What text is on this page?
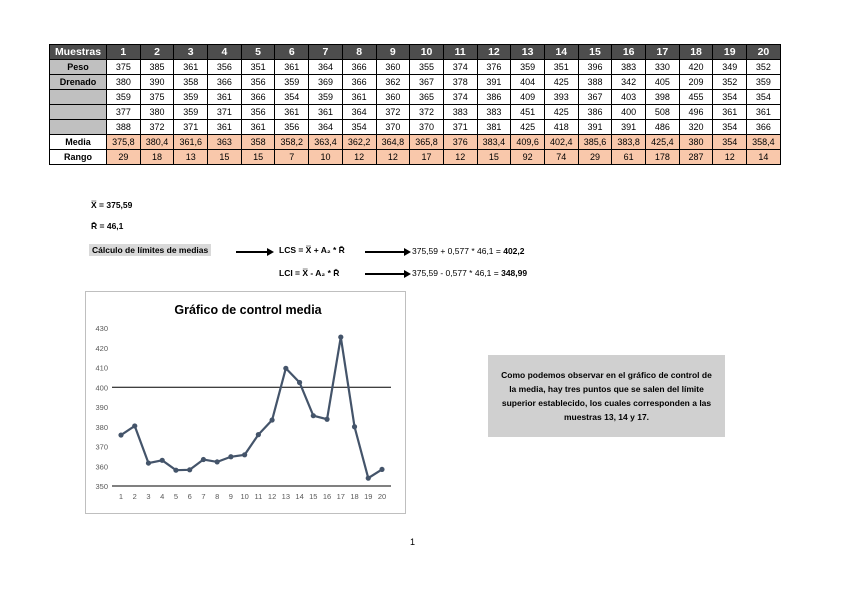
Muestras	1	2	3	4	5	6	7	8	9	10	11	12	13	14	15	16	17	18	19	20
Peso	375	385	361	356	351	361	364	366	360	355	374	376	359	351	396	383	330	420	349	352
Drenado	380	390	358	366	356	359	369	366	362	367	378	391	404	425	388	342	405	209	352	359
	359	375	359	361	366	354	359	361	360	365	374	386	409	393	367	403	398	455	354	354
	377	380	359	371	356	361	361	364	372	372	383	383	451	425	386	400	508	496	361	361
	388	372	371	361	361	356	364	354	370	370	371	381	425	418	391	391	486	320	354	366
Media	375,8	380,4	361,6	363	358	358,2	363,4	362,2	364,8	365,8	376	383,4	409,6	402,4	385,6	383,8	425,4	380	354	358,4
Rango	29	18	13	15	15	7	10	12	12	17	12	15	92	74	29	61	178	287	12	14
X̿ = 375,59
R̄ = 46,1
Cálculo de límites de medias	LCS = X̿ + A₂ * R̄	375,59 + 0,577 * 46,1 = 402,2
LCI = X̿ - A₂ * R̄	375,59 - 0,577 * 46,1 = 348,99
Gráfico de control media
350
360
370
380
390
400
410
420
430
1 2 3 4 5 6 7 8 9 10 11 12 13 14 15 16 17 18 19 20
Como podemos observar en el gráfico de control de la media, hay tres puntos que se salen del límite superior establecido, los cuales corresponden a las muestras 13, 14 y 17.
1
